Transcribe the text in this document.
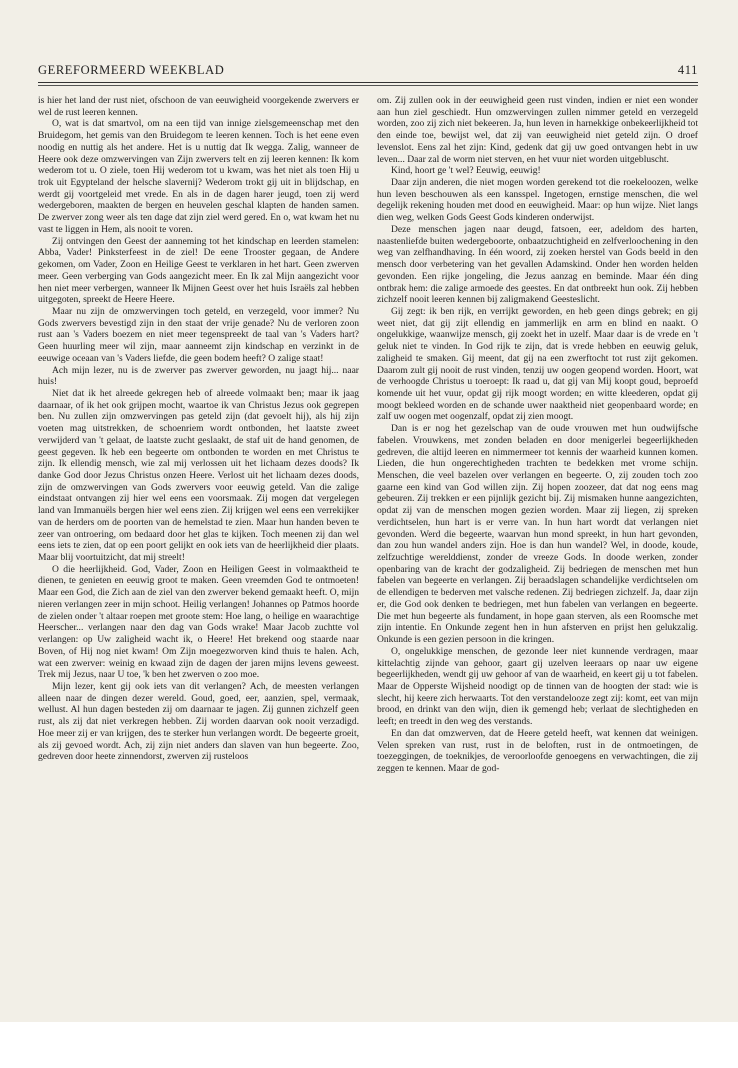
GEREFORMEERD WEEKBLAD	411

is hier het land der rust niet, ofschoon de van eeuwigheid voorgekende zwervers er wel de rust leeren kennen.

O, wat is dat smartvol, om na een tijd van innige zielsgemeenschap met den Bruidegom, het gemis van den Bruidegom te leeren kennen. Toch is het eene even noodig en nuttig als het andere. Het is u nuttig dat Ik wegga. Zalig, wanneer de Heere ook deze omzwervingen van Zijn zwervers telt en zij leeren kennen: Ik kom wederom tot u. O ziele, toen Hij wederom tot u kwam, was het niet als toen Hij u trok uit Egypteland der helsche slavernij? Wederom trokt gij uit in blijdschap, en werdt gij voortgeleid met vrede. En als in de dagen harer jeugd, toen zij werd wedergeboren, maakten de bergen en heuvelen geschal klapten de handen samen. De zwerver zong weer als ten dage dat zijn ziel werd gered. En o, wat kwam het nu vast te liggen in Hem, als nooit te voren.

Zij ontvingen den Geest der aanneming tot het kindschap en leerden stamelen: Abba, Vader! Pinksterfeest in de ziel! De eene Trooster gegaan, de Andere gekomen, om Vader, Zoon en Heilige Geest te verklaren in het hart. Geen zwerven meer. Geen verberging van Gods aangezicht meer. En Ik zal Mijn aangezicht voor hen niet meer verbergen, wanneer Ik Mijnen Geest over het huis Israëls zal hebben uitgegoten, spreekt de Heere Heere.

Maar nu zijn de omzwervingen toch geteld, en verzegeld, voor immer? Nu Gods zwervers bevestigd zijn in den staat der vrije genade? Nu de verloren zoon rust aan 's Vaders boezem en niet meer tegenspreekt de taal van 's Vaders hart? Geen huurling meer wil zijn, maar aanneemt zijn kindschap en verzinkt in de eeuwige oceaan van 's Vaders liefde, die geen bodem heeft? O zalige staat!

Ach mijn lezer, nu is de zwerver pas zwerver geworden, nu jaagt hij... naar huis!

Niet dat ik het alreede gekregen heb of alreede volmaakt ben; maar ik jaag daarnaar, of ik het ook grijpen mocht, waartoe ik van Christus Jezus ook gegrepen ben. Nu zullen zijn omzwervingen pas geteld zijn (dat gevoelt hij), als hij zijn voeten mag uitstrekken, de schoenriem wordt ontbonden, het laatste zweet verwijderd van 't gelaat, de laatste zucht geslaakt, de staf uit de hand genomen, de geest gegeven. Ik heb een begeerte om ontbonden te worden en met Christus te zijn. Ik ellendig mensch, wie zal mij verlossen uit het lichaam dezes doods? Ik danke God door Jezus Christus onzen Heere. Verlost uit het lichaam dezes doods, zijn de omzwervingen van Gods zwervers voor eeuwig geteld. Van die zalige eindstaat ontvangen zij hier wel eens een voorsmaak. Zij mogen dat vergelegen land van Immanuëls bergen hier wel eens zien. Zij krijgen wel eens een verrekijker van de herders om de poorten van de hemelstad te zien. Maar hun handen beven te zeer van ontroering, om bedaard door het glas te kijken. Toch meenen zij dan wel eens iets te zien, dat op een poort gelijkt en ook iets van de heerlijkheid dier plaats. Maar blij voortuitzicht, dat mij streelt!

O die heerlijkheid. God, Vader, Zoon en Heiligen Geest in volmaaktheid te dienen, te genieten en eeuwig groot te maken. Geen vreemden God te ontmoeten! Maar een God, die Zich aan de ziel van den zwerver bekend gemaakt heeft. O, mijn nieren verlangen zeer in mijn schoot. Heilig verlangen! Johannes op Patmos hoorde de zielen onder 't altaar roepen met groote stem: Hoe lang, o heilige en waarachtige Heerscher... verlangen naar den dag van Gods wrake! Maar Jacob zuchtte vol verlangen: op Uw zaligheid wacht ik, o Heere! Het brekend oog staarde naar Boven, of Hij nog niet kwam! Om Zijn moegezworven kind thuis te halen. Ach, wat een zwerver: weinig en kwaad zijn de dagen der jaren mijns levens geweest. Trek mij Jezus, naar U toe, 'k ben het zwerven o zoo moe.

Mijn lezer, kent gij ook iets van dit verlangen? Ach, de meesten verlangen alleen naar de dingen dezer wereld. Goud, goed, eer, aanzien, spel, vermaak, wellust. Al hun dagen besteden zij om daarnaar te jagen. Zij gunnen zichzelf geen rust, als zij dat niet verkregen hebben. Zij worden daarvan ook nooit verzadigd. Hoe meer zij er van krijgen, des te sterker hun verlangen wordt. De begeerte groeit, als zij gevoed wordt. Ach, zij zijn niet anders dan slaven van hun begeerte. Zoo, gedreven door heete zinnendorst, zwerven zij rusteloos

om. Zij zullen ook in der eeuwigheid geen rust vinden, indien er niet een wonder aan hun ziel geschiedt. Hun omzwervingen zullen nimmer geteld en verzegeld worden, zoo zij zich niet bekeeren. Ja, hun leven in harnekkige onbekeerlijkheid tot den einde toe, bewijst wel, dat zij van eeuwigheid niet geteld zijn. O droef levenslot. Eens zal het zijn: Kind, gedenk dat gij uw goed ontvangen hebt in uw leven... Daar zal de worm niet sterven, en het vuur niet worden uitgebluscht.

Kind, hoort ge 't wel? Eeuwig, eeuwig!

Daar zijn anderen, die niet mogen worden gerekend tot die roekeloozen, welke hun leven beschouwen als een kansspel. Ingetogen, ernstige menschen, die wel degelijk rekening houden met dood en eeuwigheid. Maar: op hun wijze. Niet langs dien weg, welken Gods Geest Gods kinderen onderwijst.

Deze menschen jagen naar deugd, fatsoen, eer, adeldom des harten, naastenliefde buiten wedergeboorte, onbaatzuchtigheid en zelfverloochening in den weg van zelfhandhaving. In één woord, zij zoeken herstel van Gods beeld in den mensch door verbetering van het gevallen Adamskind. Onder hen worden helden gevonden. Een rijke jongeling, die Jezus aanzag en beminde. Maar één ding ontbrak hem: die zalige armoede des geestes. En dat ontbreekt hun ook. Zij hebben zichzelf nooit leeren kennen bij zaligmakend Geesteslicht.

Gij zegt: ik ben rijk, en verrijkt geworden, en heb geen dings gebrek; en gij weet niet, dat gij zijt ellendig en jammerlijk en arm en blind en naakt. O ongelukkige, waanwijze mensch, gij zoekt het in uzelf. Maar daar is de vrede en 't geluk niet te vinden. In God rijk te zijn, dat is vrede hebben en eeuwig geluk, zaligheid te smaken. Gij meent, dat gij na een zwerftocht tot rust zijt gekomen. Daarom zult gij nooit de rust vinden, tenzij uw oogen geopend worden. Hoort, wat de verhoogde Christus u toeroept: Ik raad u, dat gij van Mij koopt goud, beproefd komende uit het vuur, opdat gij rijk moogt worden; en witte kleederen, opdat gij moogt bekleed worden en de schande uwer naaktheid niet geopenbaard worde; en zalf uw oogen met oogenzalf, opdat zij zien moogt.

Dan is er nog het gezelschap van de oude vrouwen met hun oudwijfsche fabelen. Vrouwkens, met zonden beladen en door menigerlei begeerlijkheden gedreven, die altijd leeren en nimmermeer tot kennis der waarheid kunnen komen. Lieden, die hun ongerechtigheden trachten te bedekken met vrome schijn. Menschen, die veel bazelen over verlangen en begeerte. O, zij zouden toch zoo gaarne een kind van God willen zijn. Zij hopen zoozeer, dat dat nog eens mag gebeuren. Zij trekken er een pijnlijk gezicht bij. Zij mismaken hunne aangezichten, opdat zij van de menschen mogen gezien worden. Maar zij liegen, zij spreken verdichtselen, hun hart is er verre van. In hun hart wordt dat verlangen niet gevonden. Werd die begeerte, waarvan hun mond spreekt, in hun hart gevonden, dan zou hun wandel anders zijn. Hoe is dan hun wandel? Wel, in doode, koude, zelfzuchtige werelddienst, zonder de vreeze Gods. In doode werken, zonder openbaring van de kracht der godzaligheid. Zij bedriegen de menschen met hun fabelen van begeerte en verlangen. Zij beraadslagen schandelijke verdichtselen om de ellendigen te bederven met valsche redenen. Zij bedriegen zichzelf. Ja, daar zijn er, die God ook denken te bedriegen, met hun fabelen van verlangen en begeerte. Die met hun begeerte als fundament, in hope gaan sterven, als een Roomsche met zijn intentie. En Onkunde zegent hen in hun afsterven en prijst hen gelukzalig. Onkunde is een gezien persoon in die kringen.

O, ongelukkige menschen, de gezonde leer niet kunnende verdragen, maar kittelachtig zijnde van gehoor, gaart gij uzelven leeraars op naar uw eigene begeerlijkheden, wendt gij uw gehoor af van de waarheid, en keert gij u tot fabelen. Maar de Opperste Wijsheid noodigt op de tinnen van de hoogten der stad: wie is slecht, hij keere zich herwaarts. Tot den verstandelooze zegt zij: komt, eet van mijn brood, en drinkt van den wijn, dien ik gemengd heb; verlaat de slechtigheden en leeft; en treedt in den weg des verstands.

En dan dat omzwerven, dat de Heere geteld heeft, wat kennen dat weinigen. Velen spreken van rust, rust in de beloften, rust in de ontmoetingen, de toezeggingen, de toeknikjes, de veroorloofde genoegens en verwachtingen, die zij zeggen te kennen. Maar de god-
